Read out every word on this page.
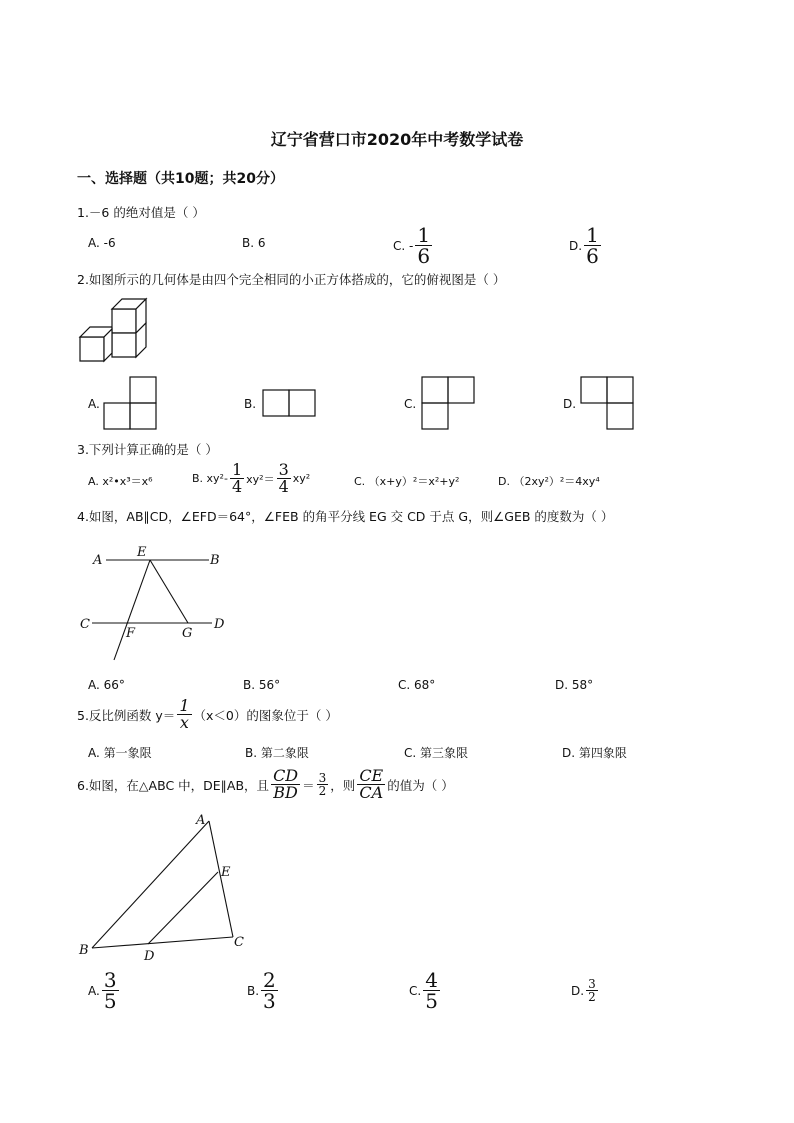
辽宁省营口市2020年中考数学试卷
一、选择题（共10题；共20分）
1.－6 的绝对值是（ ）
A. -6	B. 6	C. - $\frac{1}{6}$	D. $\frac{1}{6}$
2.如图所示的几何体是由四个完全相同的小正方体搭成的，它的俯视图是（ ）
A.	B.	C.	D.
3.下列计算正确的是（ ）
A. x²•x³＝x⁶	B. $xy^2- \frac{1}{4} xy^2= \frac{3}{4} xy^2$	C. （x+y）²＝x²+y²	D. （2xy²）²＝4xy⁴
4.如图，AB∥CD，∠EFD＝64°，∠FEB 的角平分线 EG 交 CD 于点 G，则∠GEB 的度数为（ ）
A
E
B
C
F	G
D
A. 66°	B. 56°	C. 68°	D. 58°
5.反比例函数 $y= \frac{1}{x} (x<0)$的图象位于（ ）
A. 第一象限	B. 第二象限	C. 第三象限	D. 第四象限
6.如图，在△ABC 中，DE∥AB，且 $\frac{CD}{BD} = \frac{3}{2}$ ，则 $\frac{CE}{CA}$ 的值为（ ）
A
E
B	D
C
A. $\frac{3}{5}$	B. $\frac{2}{3}$	C. $\frac{4}{5}$	D. $\frac{3}{2}$
